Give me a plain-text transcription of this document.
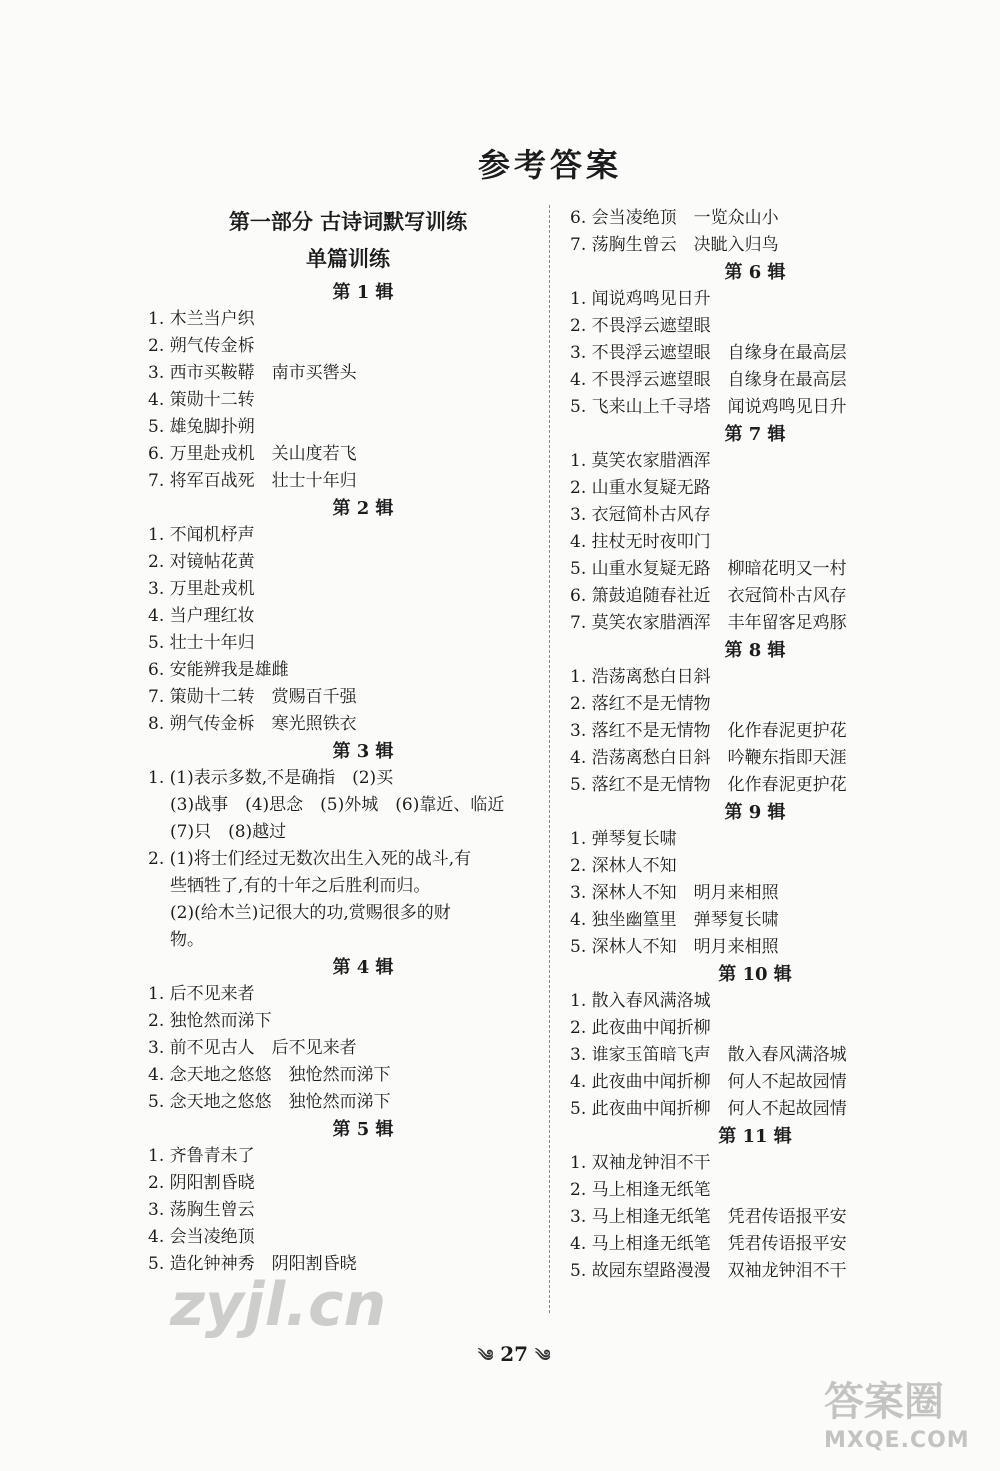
参考答案
第一部分 古诗词默写训练
单篇训练
第 1 辑
1. 木兰当户织
2. 朔气传金柝
3. 西市买鞍鞯　南市买辔头
4. 策勋十二转
5. 雄兔脚扑朔
6. 万里赴戎机　关山度若飞
7. 将军百战死　壮士十年归
第 2 辑
1. 不闻机杼声
2. 对镜帖花黄
3. 万里赴戎机
4. 当户理红妆
5. 壮士十年归
6. 安能辨我是雄雌
7. 策勋十二转　赏赐百千强
8. 朔气传金柝　寒光照铁衣
第 3 辑
1. (1)表示多数,不是确指　(2)买
(3)战事　(4)思念　(5)外城　(6)靠近、临近
(7)只　(8)越过
2. (1)将士们经过无数次出生入死的战斗,有
些牺牲了,有的十年之后胜利而归。
(2)(给木兰)记很大的功,赏赐很多的财
物。
第 4 辑
1. 后不见来者
2. 独怆然而涕下
3. 前不见古人　后不见来者
4. 念天地之悠悠　独怆然而涕下
5. 念天地之悠悠　独怆然而涕下
第 5 辑
1. 齐鲁青未了
2. 阴阳割昏晓
3. 荡胸生曾云
4. 会当凌绝顶
5. 造化钟神秀　阴阳割昏晓
6. 会当凌绝顶　一览众山小
7. 荡胸生曾云　决眦入归鸟
第 6 辑
1. 闻说鸡鸣见日升
2. 不畏浮云遮望眼
3. 不畏浮云遮望眼　自缘身在最高层
4. 不畏浮云遮望眼　自缘身在最高层
5. 飞来山上千寻塔　闻说鸡鸣见日升
第 7 辑
1. 莫笑农家腊酒浑
2. 山重水复疑无路
3. 衣冠简朴古风存
4. 拄杖无时夜叩门
5. 山重水复疑无路　柳暗花明又一村
6. 箫鼓追随春社近　衣冠简朴古风存
7. 莫笑农家腊酒浑　丰年留客足鸡豚
第 8 辑
1. 浩荡离愁白日斜
2. 落红不是无情物
3. 落红不是无情物　化作春泥更护花
4. 浩荡离愁白日斜　吟鞭东指即天涯
5. 落红不是无情物　化作春泥更护花
第 9 辑
1. 弹琴复长啸
2. 深林人不知
3. 深林人不知　明月来相照
4. 独坐幽篁里　弹琴复长啸
5. 深林人不知　明月来相照
第 10 辑
1. 散入春风满洛城
2. 此夜曲中闻折柳
3. 谁家玉笛暗飞声　散入春风满洛城
4. 此夜曲中闻折柳　何人不起故园情
5. 此夜曲中闻折柳　何人不起故园情
第 11 辑
1. 双袖龙钟泪不干
2. 马上相逢无纸笔
3. 马上相逢无纸笔　凭君传语报平安
4. 马上相逢无纸笔　凭君传语报平安
5. 故园东望路漫漫　双袖龙钟泪不干
༄ 27 ༄
zyjl.cn
答案圈
MXQE.COM
